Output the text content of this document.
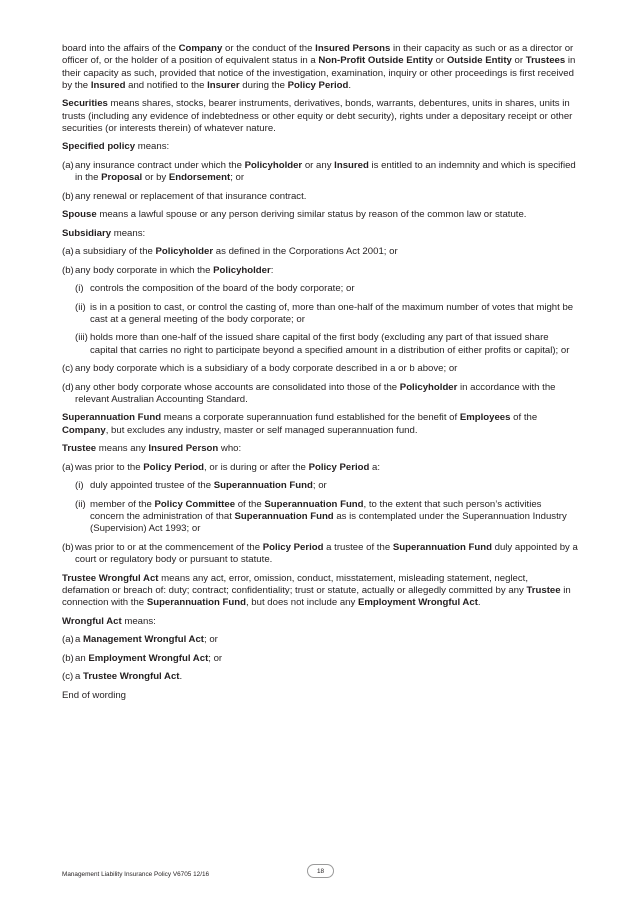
board into the affairs of the Company or the conduct of the Insured Persons in their capacity as such or as a director or officer of, or the holder of a position of equivalent status in a Non-Profit Outside Entity or Outside Entity or Trustees in their capacity as such, provided that notice of the investigation, examination, inquiry or other proceedings is first received by the Insured and notified to the Insurer during the Policy Period.

Securities means shares, stocks, bearer instruments, derivatives, bonds, warrants, debentures, units in shares, units in trusts (including any evidence of indebtedness or other equity or debt security), rights under a depositary receipt or other securities (or interests therein) of whatever nature.

Specified policy means:

(a) any insurance contract under which the Policyholder or any Insured is entitled to an indemnity and which is specified in the Proposal or by Endorsement; or
(b) any renewal or replacement of that insurance contract.

Spouse means a lawful spouse or any person deriving similar status by reason of the common law or statute.

Subsidiary means:

(a) a subsidiary of the Policyholder as defined in the Corporations Act 2001; or
(b) any body corporate in which the Policyholder:
(i) controls the composition of the board of the body corporate; or
(ii) is in a position to cast, or control the casting of, more than one-half of the maximum number of votes that might be cast at a general meeting of the body corporate; or
(iii) holds more than one-half of the issued share capital of the first body (excluding any part of that issued share capital that carries no right to participate beyond a specified amount in a distribution of either profits or capital); or
(c) any body corporate which is a subsidiary of a body corporate described in a or b above; or
(d) any other body corporate whose accounts are consolidated into those of the Policyholder in accordance with the relevant Australian Accounting Standard.

Superannuation Fund means a corporate superannuation fund established for the benefit of Employees of the Company, but excludes any industry, master or self managed superannuation fund.

Trustee means any Insured Person who:

(a) was prior to the Policy Period, or is during or after the Policy Period a:
(i) duly appointed trustee of the Superannuation Fund; or
(ii) member of the Policy Committee of the Superannuation Fund, to the extent that such person’s activities concern the administration of that Superannuation Fund as is contemplated under the Superannuation Industry (Supervision) Act 1993; or
(b) was prior to or at the commencement of the Policy Period a trustee of the Superannuation Fund duly appointed by a court or regulatory body or pursuant to statute.

Trustee Wrongful Act means any act, error, omission, conduct, misstatement, misleading statement, neglect, defamation or breach of: duty; contract; confidentiality; trust or statute, actually or allegedly committed by any Trustee in connection with the Superannuation Fund, but does not include any Employment Wrongful Act.

Wrongful Act means:

(a) a Management Wrongful Act; or
(b) an Employment Wrongful Act; or
(c) a Trustee Wrongful Act.

End of wording

Management Liability Insurance Policy V6705 12/16	18
